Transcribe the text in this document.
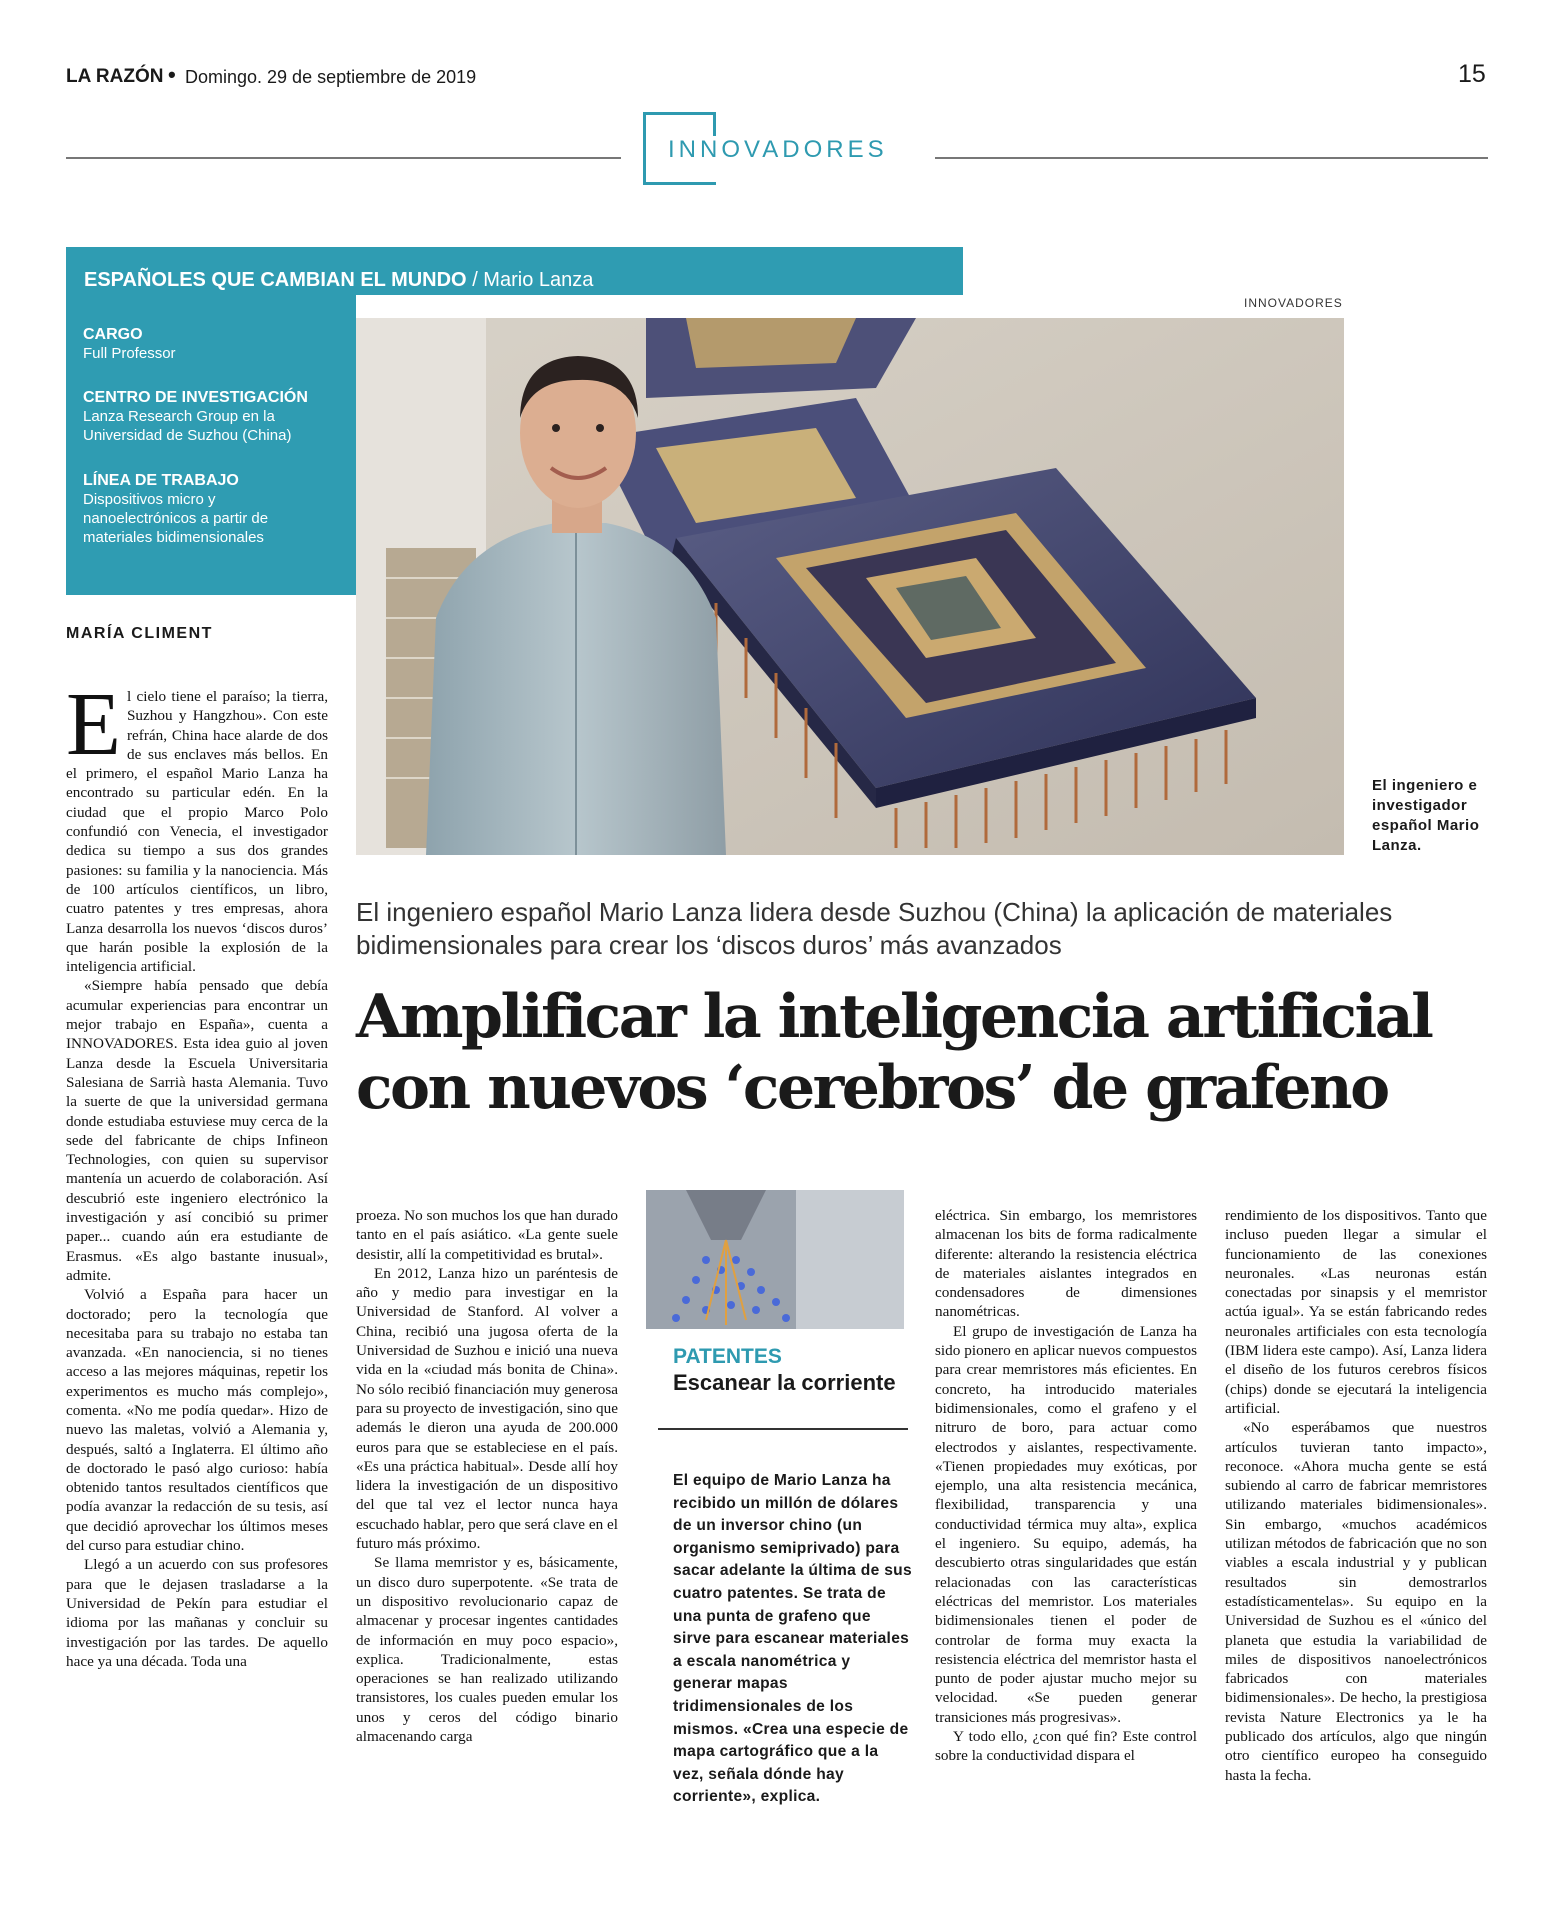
LA RAZÓN • Domingo. 29 de septiembre de 2019	15
INNOVADORES
ESPAÑOLES QUE CAMBIAN EL MUNDO / Mario Lanza
CARGO
Full Professor
CENTRO DE INVESTIGACIÓN
Lanza Research Group en la Universidad de Suzhou (China)
LÍNEA DE TRABAJO
Dispositivos micro y nanoelectrónicos a partir de materiales bidimensionales
INNOVADORES
El ingeniero e investigador español Mario Lanza.
MARÍA CLIMENT
El ingeniero español Mario Lanza lidera desde Suzhou (China) la aplicación de materiales bidimensionales para crear los ‘discos duros’ más avanzados
Amplificar la inteligencia artificial con nuevos ‘cerebros’ de grafeno
E l cielo tiene el paraíso; la tierra, Suzhou y Hangzhou». Con este refrán, China hace alarde de dos de sus enclaves más bellos. En el primero, el español Mario Lanza ha encontrado su particular edén. En la ciudad que el propio Marco Polo confundió con Venecia, el investigador dedica su tiempo a sus dos grandes pasiones: su familia y la nanociencia. Más de 100 artículos científicos, un libro, cuatro patentes y tres empresas, ahora Lanza desarrolla los nuevos ‘discos duros’ que harán posible la explosión de la inteligencia artificial.

«Siempre había pensado que debía acumular experiencias para encontrar un mejor trabajo en España», cuenta a INNOVADORES. Esta idea guio al joven Lanza desde la Escuela Universitaria Salesiana de Sarrià hasta Alemania. Tuvo la suerte de que la universidad germana donde estudiaba estuviese muy cerca de la sede del fabricante de chips Infineon Technologies, con quien su supervisor mantenía un acuerdo de colaboración. Así descubrió este ingeniero electrónico la investigación y así concibió su primer paper... cuando aún era estudiante de Erasmus. «Es algo bastante inusual», admite.

Volvió a España para hacer un doctorado; pero la tecnología que necesitaba para su trabajo no estaba tan avanzada. «En nanociencia, si no tienes acceso a las mejores máquinas, repetir los experimentos es mucho más complejo», comenta. «No me podía quedar». Hizo de nuevo las maletas, volvió a Alemania y, después, saltó a Inglaterra. El último año de doctorado le pasó algo curioso: había obtenido tantos resultados científicos que podía avanzar la redacción de su tesis, así que decidió aprovechar los últimos meses del curso para estudiar chino.

Llegó a un acuerdo con sus profesores para que le dejasen trasladarse a la Universidad de Pekín para estudiar el idioma por las mañanas y concluir su investigación por las tardes. De aquello hace ya una década. Toda una

proeza. No son muchos los que han durado tanto en el país asiático. «La gente suele desistir, allí la competitividad es brutal».

En 2012, Lanza hizo un paréntesis de año y medio para investigar en la Universidad de Stanford. Al volver a China, recibió una jugosa oferta de la Universidad de Suzhou e inició una nueva vida en la «ciudad más bonita de China». No sólo recibió financiación muy generosa para su proyecto de investigación, sino que además le dieron una ayuda de 200.000 euros para que se estableciese en el país. «Es una práctica habitual». Desde allí hoy lidera la investigación de un dispositivo del que tal vez el lector nunca haya escuchado hablar, pero que será clave en el futuro más próximo.

Se llama memristor y es, básicamente, un disco duro superpotente. «Se trata de un dispositivo revolucionario capaz de almacenar y procesar ingentes cantidades de información en muy poco espacio», explica. Tradicionalmente, estas operaciones se han realizado utilizando transistores, los cuales pueden emular los unos y ceros del código binario almacenando carga

PATENTES
Escanear la corriente
El equipo de Mario Lanza ha recibido un millón de dólares de un inversor chino (un organismo semiprivado) para sacar adelante la última de sus cuatro patentes. Se trata de una punta de grafeno que sirve para escanear materiales a escala nanométrica y generar mapas tridimensionales de los mismos. «Crea una especie de mapa cartográfico que a la vez, señala dónde hay corriente», explica.

eléctrica. Sin embargo, los memristores almacenan los bits de forma radicalmente diferente: alterando la resistencia eléctrica de materiales aislantes integrados en condensadores de dimensiones nanométricas.

El grupo de investigación de Lanza ha sido pionero en aplicar nuevos compuestos para crear memristores más eficientes. En concreto, ha introducido materiales bidimensionales, como el grafeno y el nitruro de boro, para actuar como electrodos y aislantes, respectivamente. «Tienen propiedades muy exóticas, por ejemplo, una alta resistencia mecánica, flexibilidad, transparencia y una conductividad térmica muy alta», explica el ingeniero. Su equipo, además, ha descubierto otras singularidades que están relacionadas con las características eléctricas del memristor. Los materiales bidimensionales tienen el poder de controlar de forma muy exacta la resistencia eléctrica del memristor hasta el punto de poder ajustar mucho mejor su velocidad. «Se pueden generar transiciones más progresivas».

Y todo ello, ¿con qué fin? Este control sobre la conductividad dispara el

rendimiento de los dispositivos. Tanto que incluso pueden llegar a simular el funcionamiento de las conexiones neuronales. «Las neuronas están conectadas por sinapsis y el memristor actúa igual». Ya se están fabricando redes neuronales artificiales con esta tecnología (IBM lidera este campo). Así, Lanza lidera el diseño de los futuros cerebros físicos (chips) donde se ejecutará la inteligencia artificial.

«No esperábamos que nuestros artículos tuvieran tanto impacto», reconoce. «Ahora mucha gente se está subiendo al carro de fabricar memristores utilizando materiales bidimensionales». Sin embargo, «muchos académicos utilizan métodos de fabricación que no son viables a escala industrial y y publican resultados sin demostrarlos estadísticamentelas». Su equipo en la Universidad de Suzhou es el «único del planeta que estudia la variabilidad de miles de dispositivos nanoelectrónicos fabricados con materiales bidimensionales». De hecho, la prestigiosa revista Nature Electronics ya le ha publicado dos artículos, algo que ningún otro científico europeo ha conseguido hasta la fecha.
